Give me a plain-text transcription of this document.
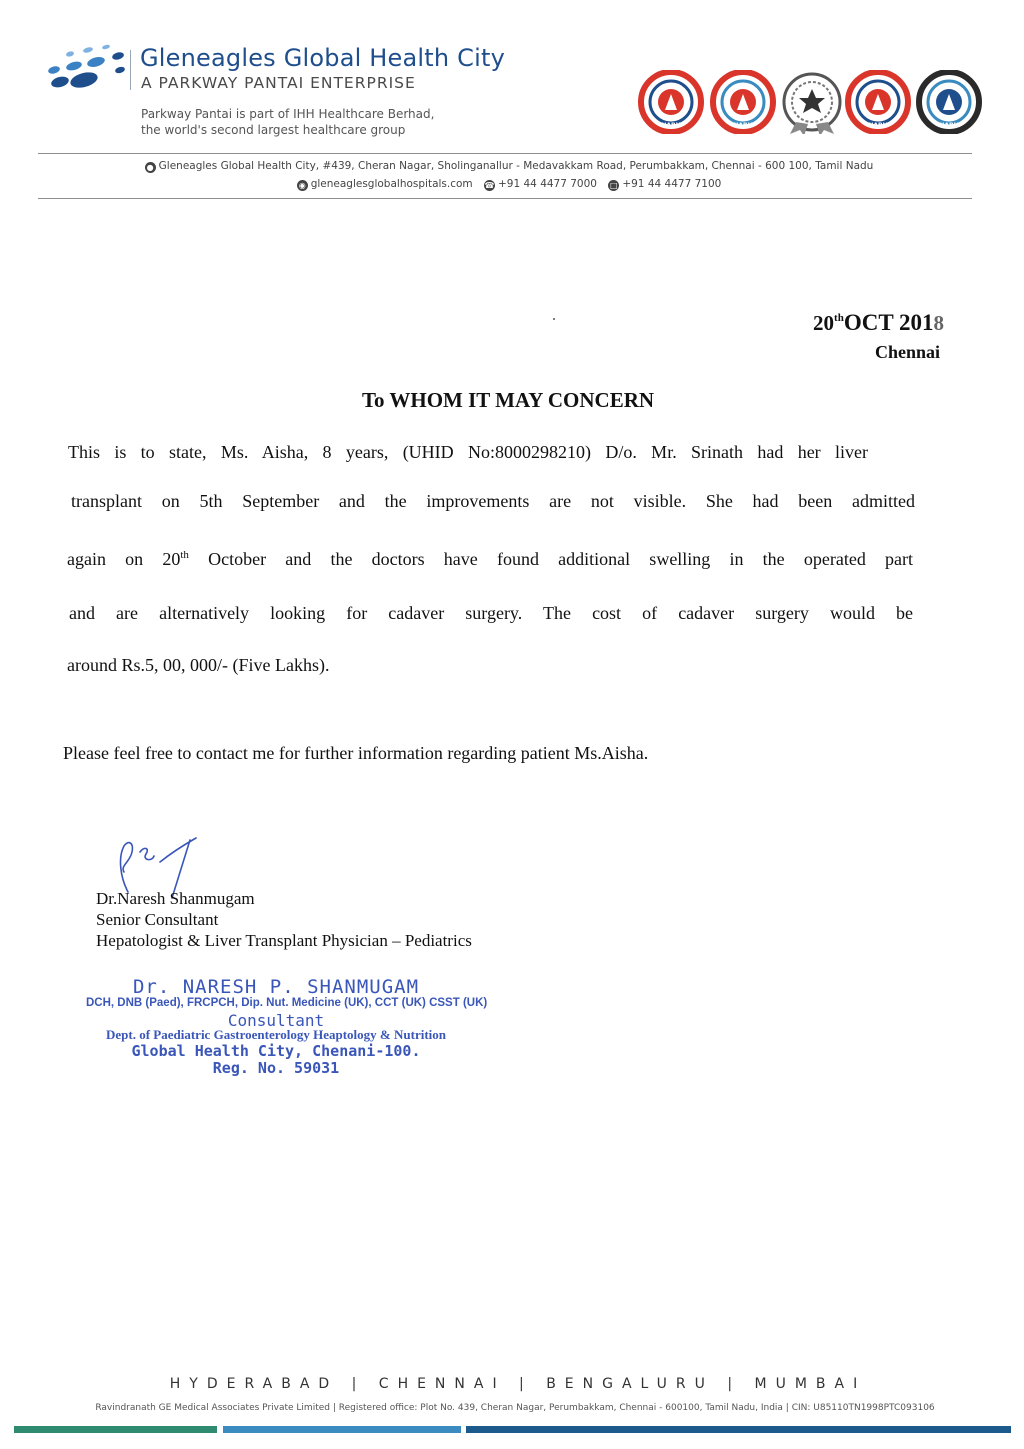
Gleneagles Global Health City
A PARKWAY PANTAI ENTERPRISE
Parkway Pantai is part of IHH Healthcare Berhad,
the world's second largest healthcare group	NABH	NABH	NABH	NABH
● Gleneagles Global Health City, #439, Cheran Nagar, Sholinganallur - Medavakkam Road, Perumbakkam, Chennai - 600 100, Tamil Nadu
◉ gleneaglesglobalhospitals.com ☎ +91 44 4477 7000 □ +91 44 4477 7100
20thOCT 2018
Chennai
To WHOM IT MAY CONCERN
This is to state, Ms. Aisha, 8 years, (UHID No:8000298210) D/o. Mr. Srinath had her liver
transplant on 5th September and the improvements are not visible. She had been admitted
again on 20th October and the doctors have found additional swelling in the operated part
and are alternatively looking for cadaver surgery. The cost of cadaver surgery would be
around Rs.5, 00, 000/- (Five Lakhs).
Please feel free to contact me for further information regarding patient Ms.Aisha.
Dr.Naresh Shanmugam
Senior Consultant
Hepatologist & Liver Transplant Physician – Pediatrics
Dr. NARESH P. SHANMUGAM
DCH, DNB (Paed), FRCPCH, Dip. Nut. Medicine (UK), CCT (UK) CSST (UK)
Consultant
Dept. of Paediatric Gastroenterology Heaptology & Nutrition
Global Health City, Chenani-100.
Reg. No. 59031
HYDERABAD | CHENNAI | BENGALURU | MUMBAI
Ravindranath GE Medical Associates Private Limited | Registered office: Plot No. 439, Cheran Nagar, Perumbakkam, Chennai - 600100, Tamil Nadu, India | CIN: U85110TN1998PTC093106
